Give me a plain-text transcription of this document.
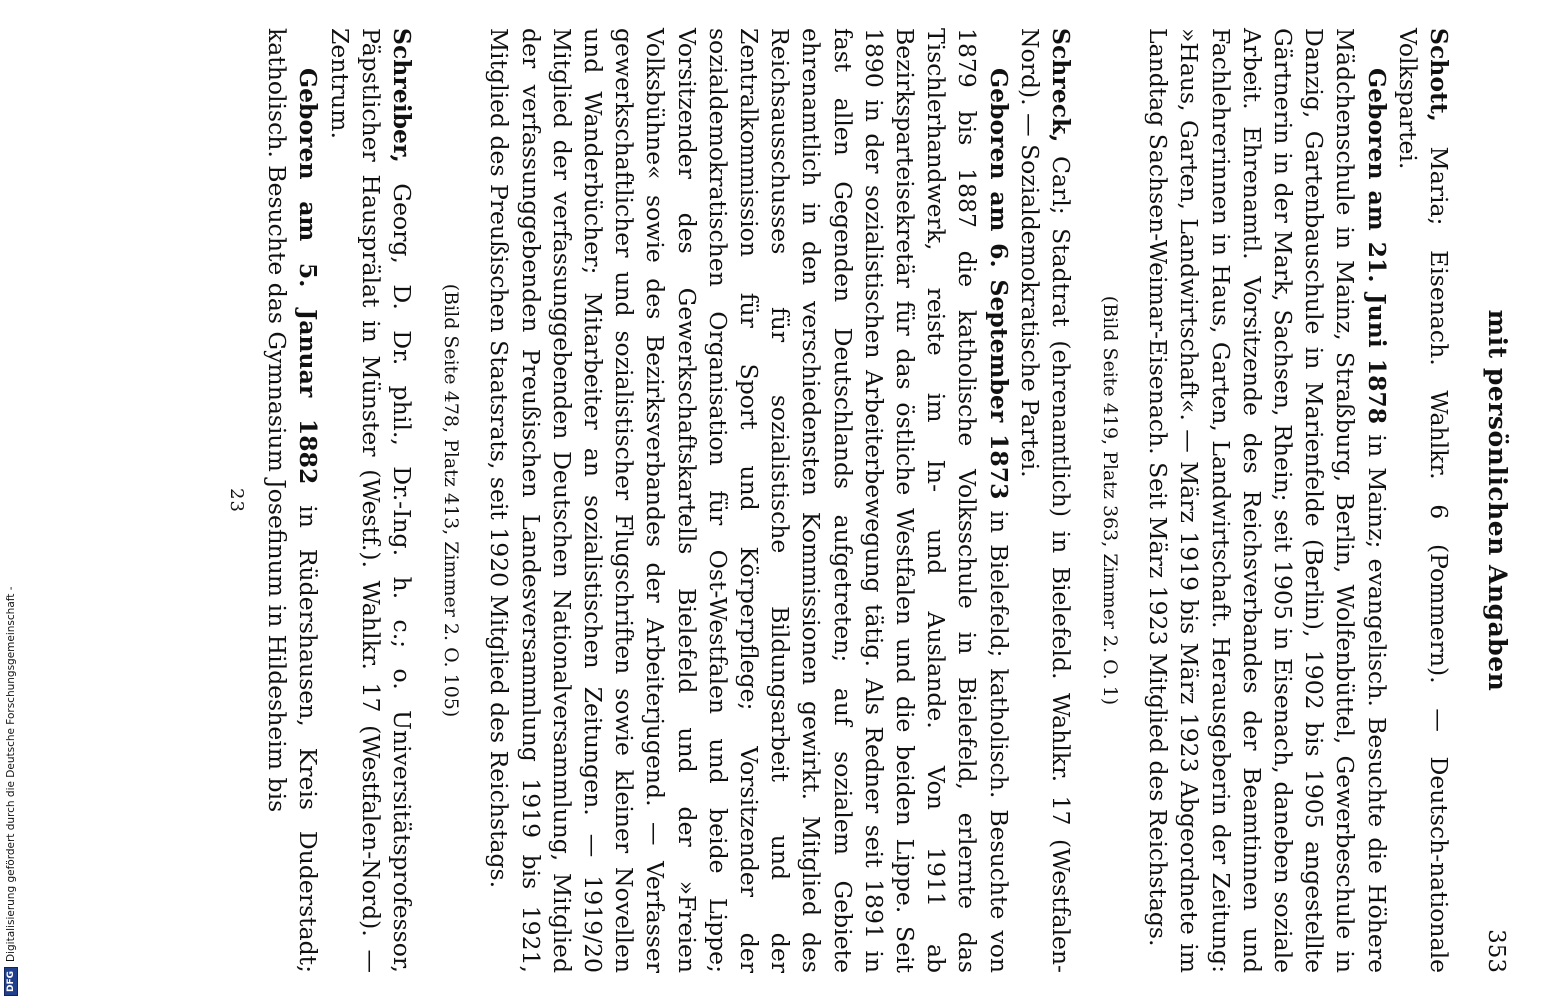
mit persönlichen Angaben
353

Schott, Maria; Eisenach. Wahlkr. 6 (Pommern). — Deutsch-nationale Volkspartei.

Geboren am 21. Juni 1878 in Mainz; evangelisch. Besuchte die Höhere Mädchenschule in Mainz, Straßburg, Berlin, Wolfenbüttel, Gewerbeschule in Danzig, Gartenbauschule in Marienfelde (Berlin), 1902 bis 1905 angestellte Gärtnerin in der Mark, Sachsen, Rhein; seit 1905 in Eisenach, daneben soziale Arbeit. Ehrenamtl. Vorsitzende des Reichsverbandes der Beamtinnen und Fachlehrerinnen in Haus, Garten, Landwirtschaft. Herausgeberin der Zeitung: »Haus, Garten, Landwirtschaft«. — März 1919 bis März 1923 Abgeordnete im Landtag Sachsen-Weimar-Eisenach. Seit März 1923 Mitglied des Reichstags.

(Bild Seite 419, Platz 363, Zimmer 2. O. 1)

Schreck, Carl; Stadtrat (ehrenamtlich) in Bielefeld. Wahlkr. 17 (Westfalen-Nord). — Sozialdemokratische Partei.

Geboren am 6. September 1873 in Bielefeld; katholisch. Besuchte von 1879 bis 1887 die katholische Volksschule in Bielefeld, erlernte das Tischlerhandwerk, reiste im In- und Auslande. Von 1911 ab Bezirksparteisekretär für das östliche Westfalen und die beiden Lippe. Seit 1890 in der sozialistischen Arbeiterbewegung tätig. Als Redner seit 1891 in fast allen Gegenden Deutschlands aufgetreten; auf sozialem Gebiete ehrenamtlich in den verschiedensten Kommissionen gewirkt. Mitglied des Reichsausschusses für sozialistische Bildungsarbeit und der Zentralkommission für Sport und Körperpflege; Vorsitzender der sozialdemokratischen Organisation für Ost-Westfalen und beide Lippe; Vorsitzender des Gewerkschaftskartells Bielefeld und der »Freien Volksbühne« sowie des Bezirksverbandes der Arbeiterjugend. — Verfasser gewerkschaftlicher und sozialistischer Flugschriften sowie kleiner Novellen und Wanderbücher; Mitarbeiter an sozialistischen Zeitungen. — 1919/20 Mitglied der verfassunggebenden Deutschen Nationalversammlung, Mitglied der verfassunggebenden Preußischen Landesversammlung 1919 bis 1921, Mitglied des Preußischen Staatsrats, seit 1920 Mitglied des Reichstags.

(Bild Seite 478, Platz 413, Zimmer 2. O. 105)

Schreiber, Georg, D. Dr. phil., Dr.-Ing. h. c.; o. Universitätsprofessor, Päpstlicher Hausprälat in Münster (Westf.). Wahlkr. 17 (Westfalen-Nord). — Zentrum.

Geboren am 5. Januar 1882 in Rüdershausen, Kreis Duderstadt; katholisch. Besuchte das Gymnasium Josefinum in Hildesheim bis

23
DFG
Digitalisierung gefördert durch die Deutsche Forschungsgemeinschaft -
